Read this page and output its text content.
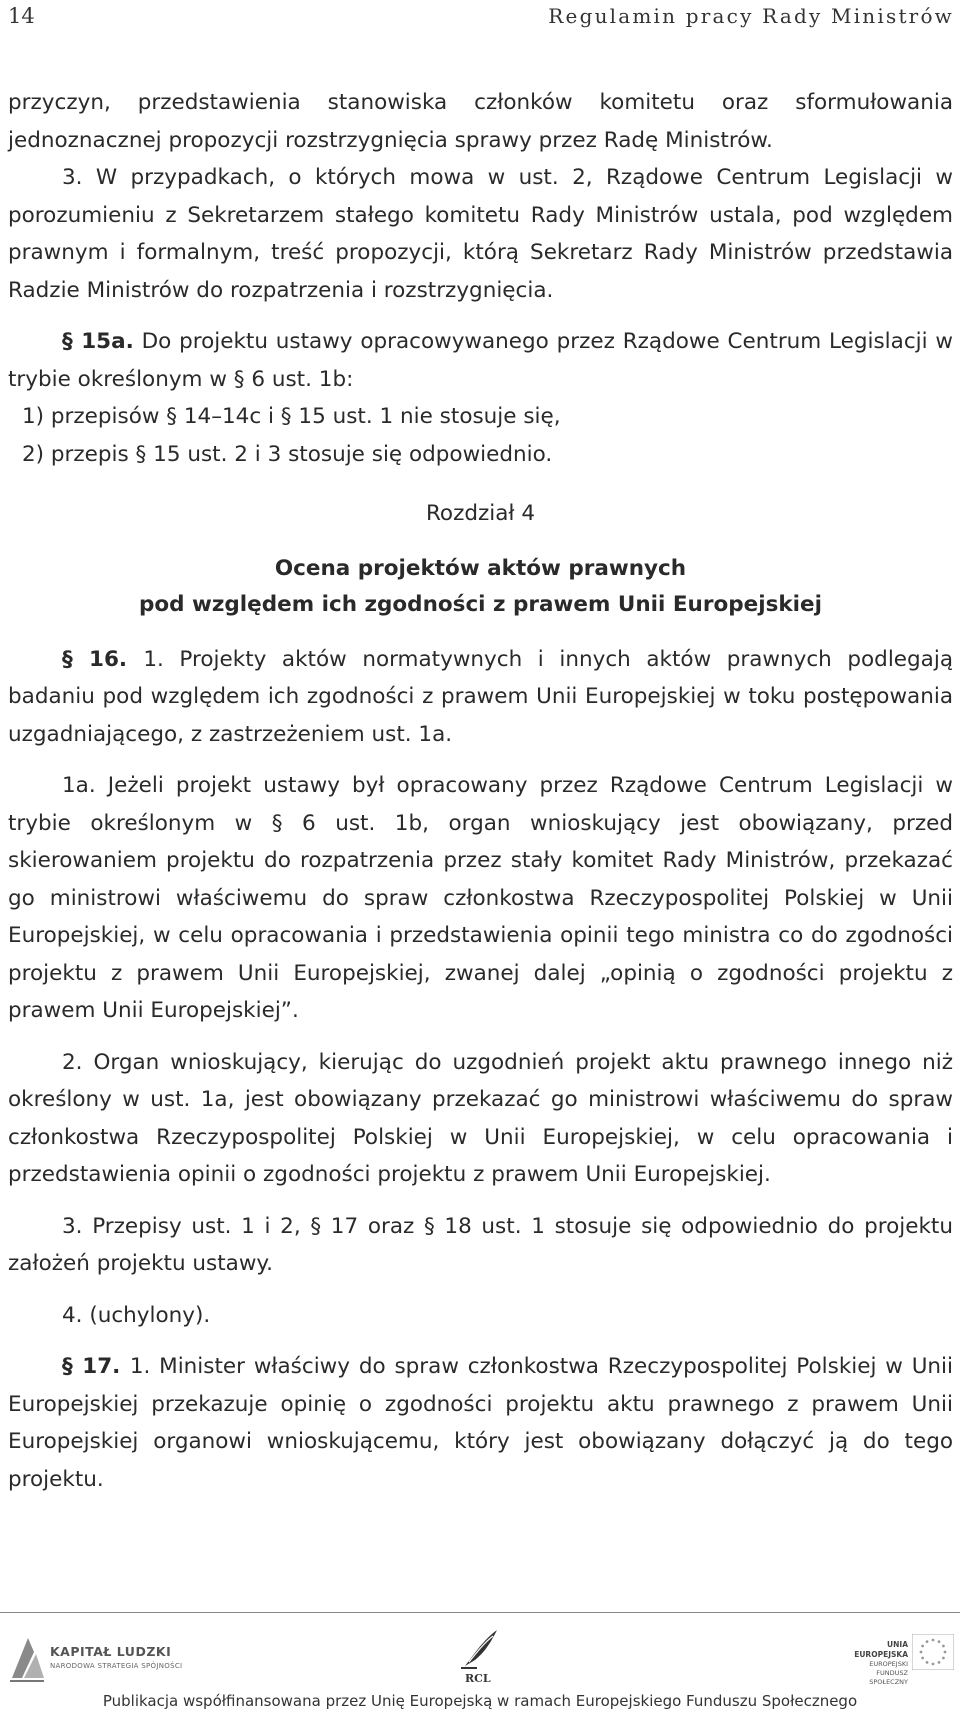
14	Regulamin pracy Rady Ministrów

przyczyn, przedstawienia stanowiska członków komitetu oraz sformułowania jednoznacznej propozycji rozstrzygnięcia sprawy przez Radę Ministrów.

3. W przypadkach, o których mowa w ust. 2, Rządowe Centrum Legislacji w porozumieniu z Sekretarzem stałego komitetu Rady Ministrów ustala, pod względem prawnym i formalnym, treść propozycji, którą Sekretarz Rady Ministrów przedstawia Radzie Ministrów do rozpatrzenia i rozstrzygnięcia.

§ 15a. Do projektu ustawy opracowywanego przez Rządowe Centrum Legislacji w trybie określonym w § 6 ust. 1b:

1) przepisów § 14–14c i § 15 ust. 1 nie stosuje się,

2) przepis § 15 ust. 2 i 3 stosuje się odpowiednio.

Rozdział 4

Ocena projektów aktów prawnych
pod względem ich zgodności z prawem Unii Europejskiej

§ 16. 1. Projekty aktów normatywnych i innych aktów prawnych podlegają badaniu pod względem ich zgodności z prawem Unii Europejskiej w toku postępowania uzgadniającego, z zastrzeżeniem ust. 1a.

1a. Jeżeli projekt ustawy był opracowany przez Rządowe Centrum Legislacji w trybie określonym w § 6 ust. 1b, organ wnioskujący jest obowiązany, przed skierowaniem projektu do rozpatrzenia przez stały komitet Rady Ministrów, przekazać go ministrowi właściwemu do spraw członkostwa Rzeczypospolitej Polskiej w Unii Europejskiej, w celu opracowania i przedstawienia opinii tego ministra co do zgodności projektu z prawem Unii Europejskiej, zwanej dalej „opinią o zgodności projektu z prawem Unii Europejskiej”.

2. Organ wnioskujący, kierując do uzgodnień projekt aktu prawnego innego niż określony w ust. 1a, jest obowiązany przekazać go ministrowi właściwemu do spraw członkostwa Rzeczypospolitej Polskiej w Unii Europejskiej, w celu opracowania i przedstawienia opinii o zgodności projektu z prawem Unii Europejskiej.

3. Przepisy ust. 1 i 2, § 17 oraz § 18 ust. 1 stosuje się odpowiednio do projektu założeń projektu ustawy.

4. (uchylony).

§ 17. 1. Minister właściwy do spraw członkostwa Rzeczypospolitej Polskiej w Unii Europejskiej przekazuje opinię o zgodności projektu aktu prawnego z prawem Unii Europejskiej organowi wnioskującemu, który jest obowiązany dołączyć ją do tego projektu.

KAPITAŁ LUDZKI
NARODOWA STRATEGIA SPÓJNOŚCI
RCL
UNIA EUROPEJSKA
EUROPEJSKI
FUNDUSZ SPOŁECZNY
Publikacja współfinansowana przez Unię Europejską w ramach Europejskiego Funduszu Społecznego
